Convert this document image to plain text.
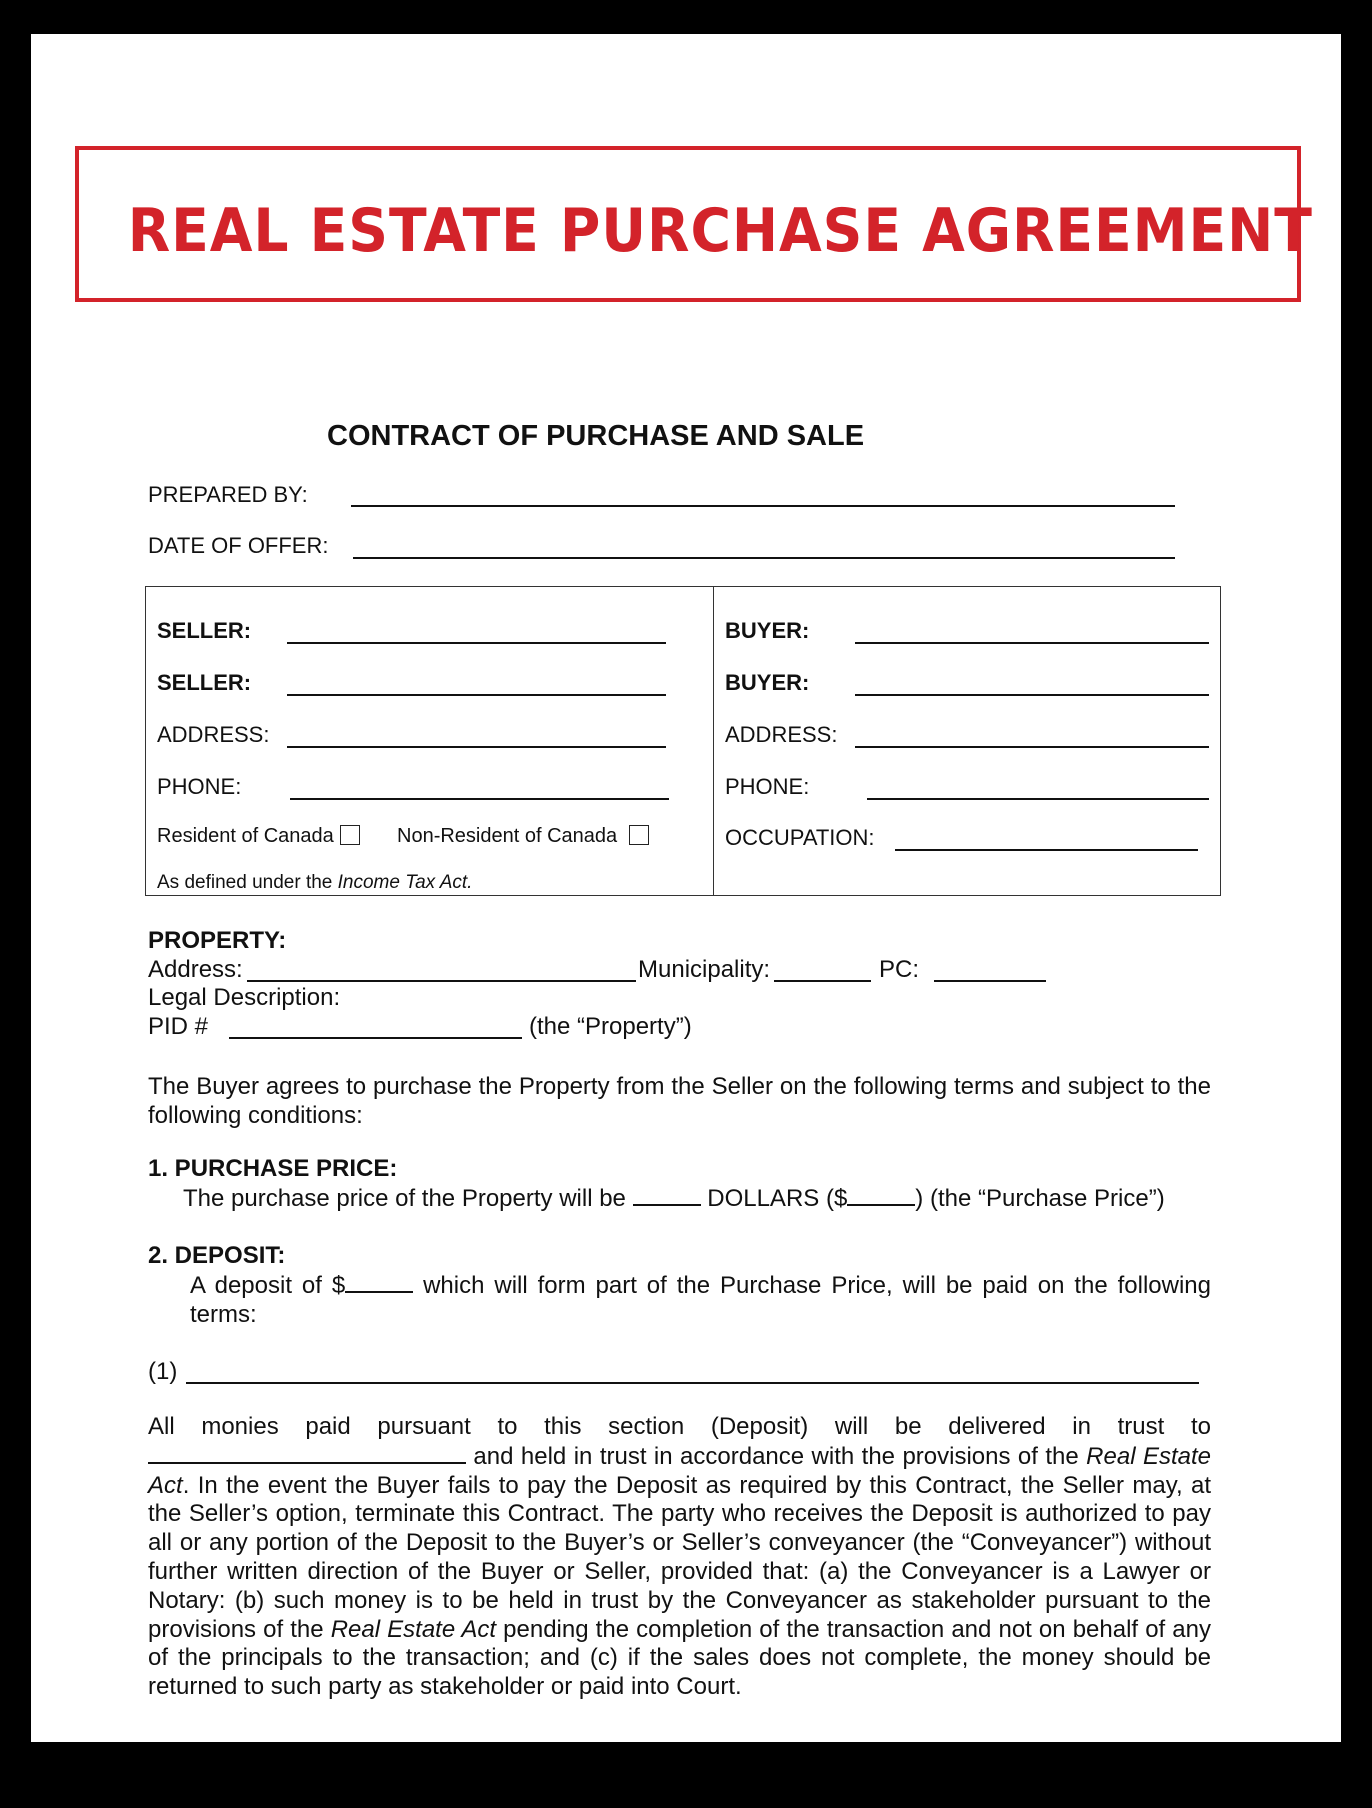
REAL ESTATE PURCHASE AGREEMENT
CONTRACT OF PURCHASE AND SALE
PREPARED BY:
DATE OF OFFER:
SELLER:
SELLER:
ADDRESS:
PHONE:
Resident of Canada	Non-Resident of Canada
As defined under the Income Tax Act.
BUYER:
BUYER:
ADDRESS:
PHONE:
OCCUPATION:
PROPERTY:
Address:	Municipality:	PC:
Legal Description:
PID #	(the “Property”)
The Buyer agrees to purchase the Property from the Seller on the following terms and subject to the following conditions:
1. PURCHASE PRICE:
The purchase price of the Property will be	DOLLARS ($	) (the “Purchase Price”)
2. DEPOSIT:
A deposit of $	which will form part of the Purchase Price, will be paid on the following terms:
(1)
All monies paid pursuant to this section (Deposit) will be delivered in trust to  and held in trust in accordance with the provisions of the Real Estate Act. In the event the Buyer fails to pay the Deposit as required by this Contract, the Seller may, at the Seller’s option, terminate this Contract. The party who receives the Deposit is authorized to pay all or any portion of the Deposit to the Buyer’s or Seller’s conveyancer (the “Conveyancer”) without further written direction of the Buyer or Seller, provided that: (a) the Conveyancer is a Lawyer or Notary: (b) such money is to be held in trust by the Conveyancer as stakeholder pursuant to the provisions of the Real Estate Act pending the completion of the transaction and not on behalf of any of the principals to the transaction; and (c) if the sales does not complete, the money should be returned to such party as stakeholder or paid into Court.
